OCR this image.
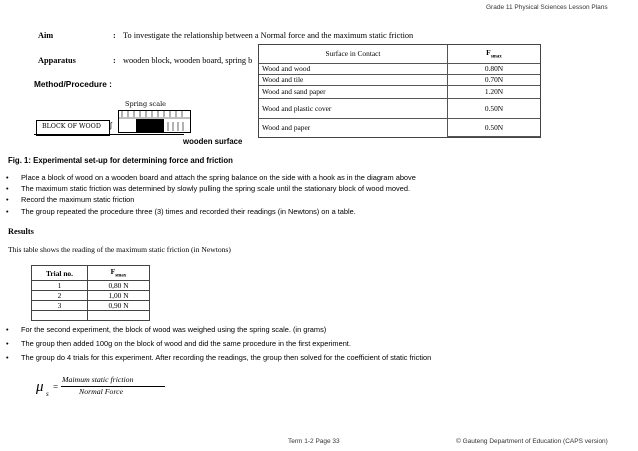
Grade 11 Physical Sciences Lesson Plans
Aim	: To investigate the relationship between a Normal force and the maximum static friction
Apparatus	: wooden block, wooden board, spring b
Method/Procedure :
Surface in Contact	$F_{smax}$
Wood and wood	0.80N
Wood and tile	0.70N
Wood and sand paper	1.20N
Wood and plastic cover	0.50N
Wood and paper	0.50N
Spring scale
BLOCK OF WOOD ʃ
wooden surface
Fig. 1: Experimental set-up for determining force and friction
• Place a block of wood on a wooden board and attach the spring balance on the side with a hook as in the diagram above
• The maximum static friction was determined by slowly pulling the spring scale until the stationary block of wood moved.
• Record the maximum static friction
• The group repeated the procedure three (3) times and recorded their readings (in Newtons) on a table.
Results
This table shows the reading of the maximum static friction (in Newtons)
Trial no.	$F_{smax}$
1	0,80 N
2	1,00 N
3	0,90 N

• For the second experiment, the block of wood was weighed using the spring scale. (in grams)
• The group then added 100g on the block of wood and did the same procedure in the first experiment.
• The group do 4 trials for this experiment. After recording the readings, the group then solved for the coefficient of static friction
μ s
=
Maimum static friction
Normal Force
Term 1-2 Page 33	© Gauteng Department of Education (CAPS version)
